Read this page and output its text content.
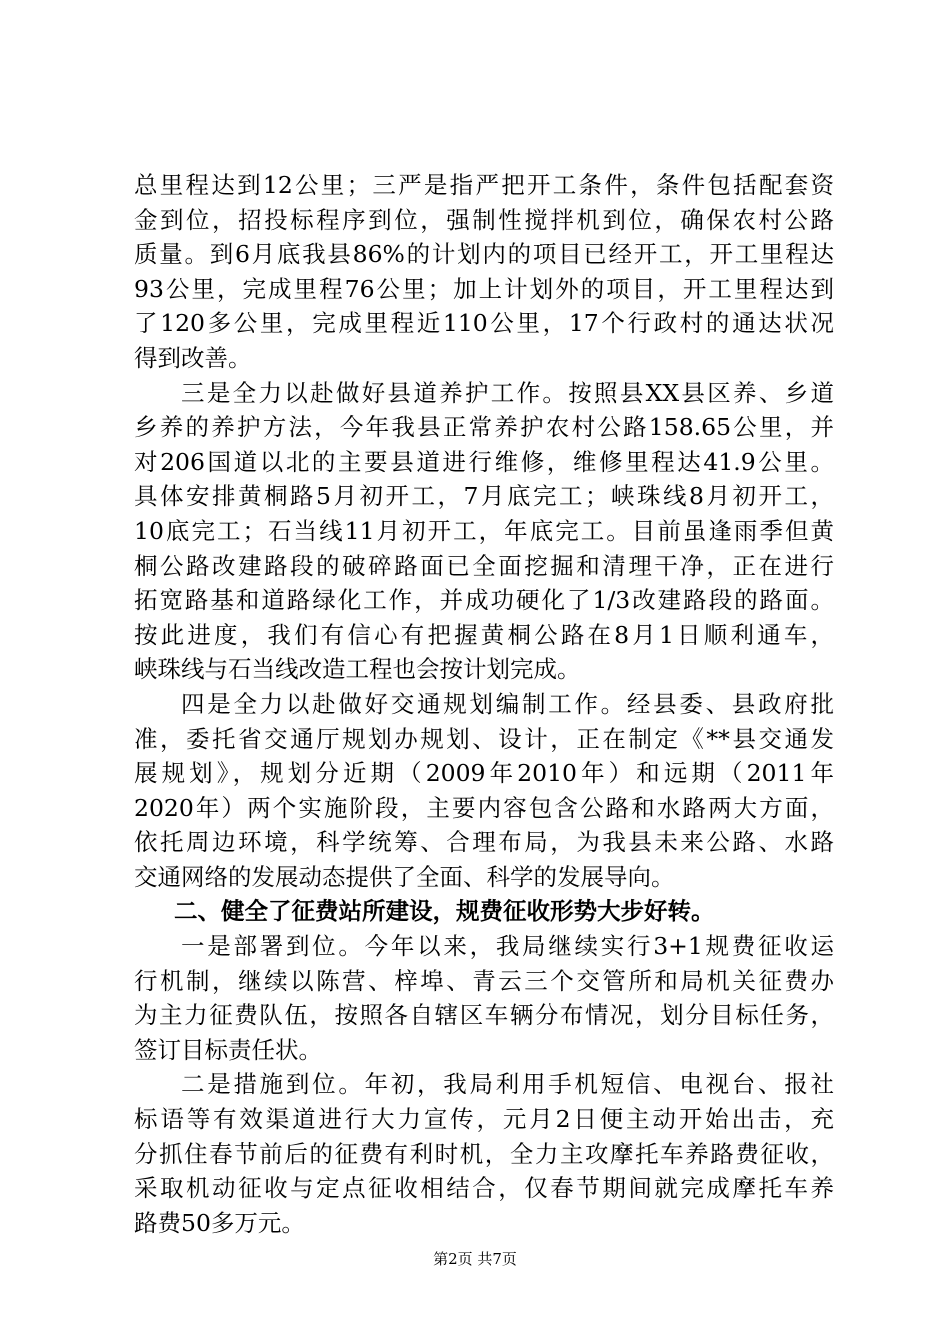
总里程达到12公里；三严是指严把开工条件，条件包括配套资
金到位，招投标程序到位，强制性搅拌机到位，确保农村公路
质量。到6月底我县86%的计划内的项目已经开工，开工里程达
93公里，完成里程76公里；加上计划外的项目，开工里程达到
了120多公里，完成里程近110公里，17个行政村的通达状况
得到改善。
三是全力以赴做好县道养护工作。按照县XX县区养、乡道
乡养的养护方法，今年我县正常养护农村公路158.65公里，并
对206国道以北的主要县道进行维修，维修里程达41.9公里。
具体安排黄桐路5月初开工，7月底完工；峡珠线8月初开工，
10底完工；石当线11月初开工，年底完工。目前虽逢雨季但黄
桐公路改建路段的破碎路面已全面挖掘和清理干净，正在进行
拓宽路基和道路绿化工作，并成功硬化了1/3改建路段的路面。
按此进度，我们有信心有把握黄桐公路在8月1日顺利通车，
峡珠线与石当线改造工程也会按计划完成。
四是全力以赴做好交通规划编制工作。经县委、县政府批
准，委托省交通厅规划办规划、设计，正在制定《**县交通发
展规划》，规划分近期（2009年2010年）和远期（2011年
2020年）两个实施阶段，主要内容包含公路和水路两大方面，
依托周边环境，科学统筹、合理布局，为我县未来公路、水路
交通网络的发展动态提供了全面、科学的发展导向。
二、健全了征费站所建设，规费征收形势大步好转。
一是部署到位。今年以来，我局继续实行3+1规费征收运
行机制，继续以陈营、梓埠、青云三个交管所和局机关征费办
为主力征费队伍，按照各自辖区车辆分布情况，划分目标任务，
签订目标责任状。
二是措施到位。年初，我局利用手机短信、电视台、报社
标语等有效渠道进行大力宣传，元月2日便主动开始出击，充
分抓住春节前后的征费有利时机，全力主攻摩托车养路费征收，
采取机动征收与定点征收相结合，仅春节期间就完成摩托车养
路费50多万元。
第2页 共7页
